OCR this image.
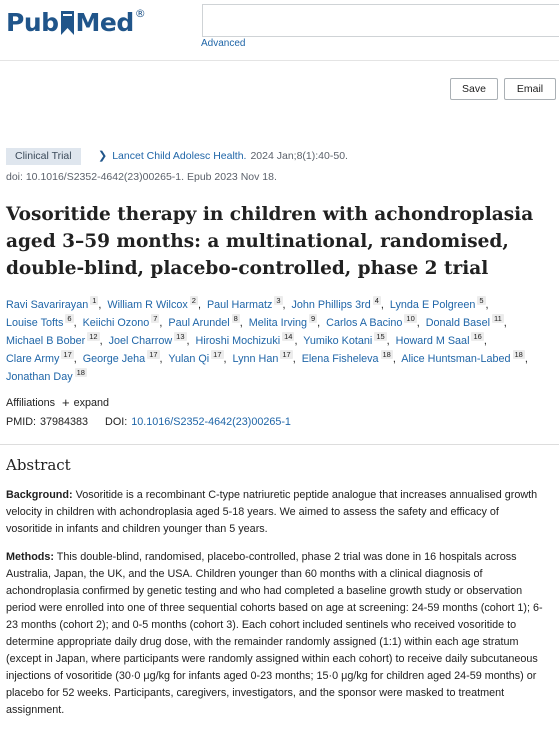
Pub Med ®
Advanced
Save	Email
Clinical Trial	❯ Lancet Child Adolesc Health. 2024 Jan;8(1):40-50.
doi: 10.1016/S2352-4642(23)00265-1. Epub 2023 Nov 18.
Vosoritide therapy in children with achondroplasia aged 3–59 months: a multinational, randomised, double-blind, placebo-controlled, phase 2 trial
Ravi Savarirayan $^1$ , William R Wilcox $^2$ , Paul Harmatz $^3$ , John Phillips 3rd $^4$ , Lynda E Polgreen $^5$ , Louise Tofts $^6$ , Keiichi Ozono $^7$ , Paul Arundel $^8$ , Melita Irving $^9$ , Carlos A Bacino $^{10}$ , Donald Basel $^{11}$ , Michael B Bober $^{12}$ , Joel Charrow $^{13}$ , Hiroshi Mochizuki $^{14}$ , Yumiko Kotani $^{15}$ , Howard M Saal $^{16}$ , Clare Army $^{17}$ , George Jeha $^{17}$ , Yulan Qi $^{17}$ , Lynn Han $^{17}$ , Elena Fisheleva $^{18}$ , Alice Huntsman-Labed $^{18}$ , Jonathan Day $^{18}$
Affiliations + expand
PMID: 37984383 DOI: 10.1016/S2352-4642(23)00265-1
Abstract

Background: Vosoritide is a recombinant C-type natriuretic peptide analogue that increases annualised growth velocity in children with achondroplasia aged 5-18 years. We aimed to assess the safety and efficacy of vosoritide in infants and children younger than 5 years.

Methods: This double-blind, randomised, placebo-controlled, phase 2 trial was done in 16 hospitals across Australia, Japan, the UK, and the USA. Children younger than 60 months with a clinical diagnosis of achondroplasia confirmed by genetic testing and who had completed a baseline growth study or observation period were enrolled into one of three sequential cohorts based on age at screening: 24-59 months (cohort 1); 6-23 months (cohort 2); and 0-5 months (cohort 3). Each cohort included sentinels who received vosoritide to determine appropriate daily drug dose, with the remainder randomly assigned (1:1) within each age stratum (except in Japan, where participants were randomly assigned within each cohort) to receive daily subcutaneous injections of vosoritide (30·0 μg/kg for infants aged 0-23 months; 15·0 μg/kg for children aged 24-59 months) or placebo for 52 weeks. Participants, caregivers, investigators, and the sponsor were masked to treatment assignment.
